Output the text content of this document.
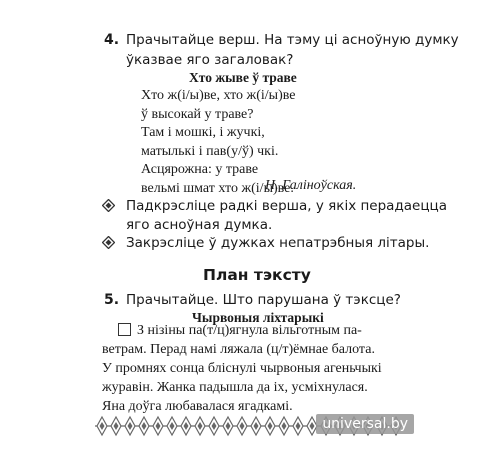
4. Прачытайце верш. На тэму ці асноўную думку
ўказвае яго загаловак?
Хто жыве ў траве
Хто ж(і/ы)ве, хто ж(і/ы)ве
ў высокай у траве?
Там і мошкі, і жучкі,
матылькі і пав(у/ў) чкі.
Асцярожна: у траве
вельмі шмат хто ж(і/ы)ве.
Н. Галіноўская.
Падкрэсліце радкі верша, у якіх перадаецца
яго асноўная думка.
Закрэсліце ў дужках непатрэбныя літары.
План тэксту
5. Прачытайце. Што парушана ў тэксце?
Чырвоныя ліхтарыкі
З нізіны па(т/ц)ягнула вільготным па-
ветрам. Перад намі ляжала (ц/т)ёмнае балота.
У промнях сонца бліснулі чырвоныя агеньчыкі
журавін. Жанка падышла да іх, усміхнулася.
Яна доўга любавалася ягадкамі.
universal.by
